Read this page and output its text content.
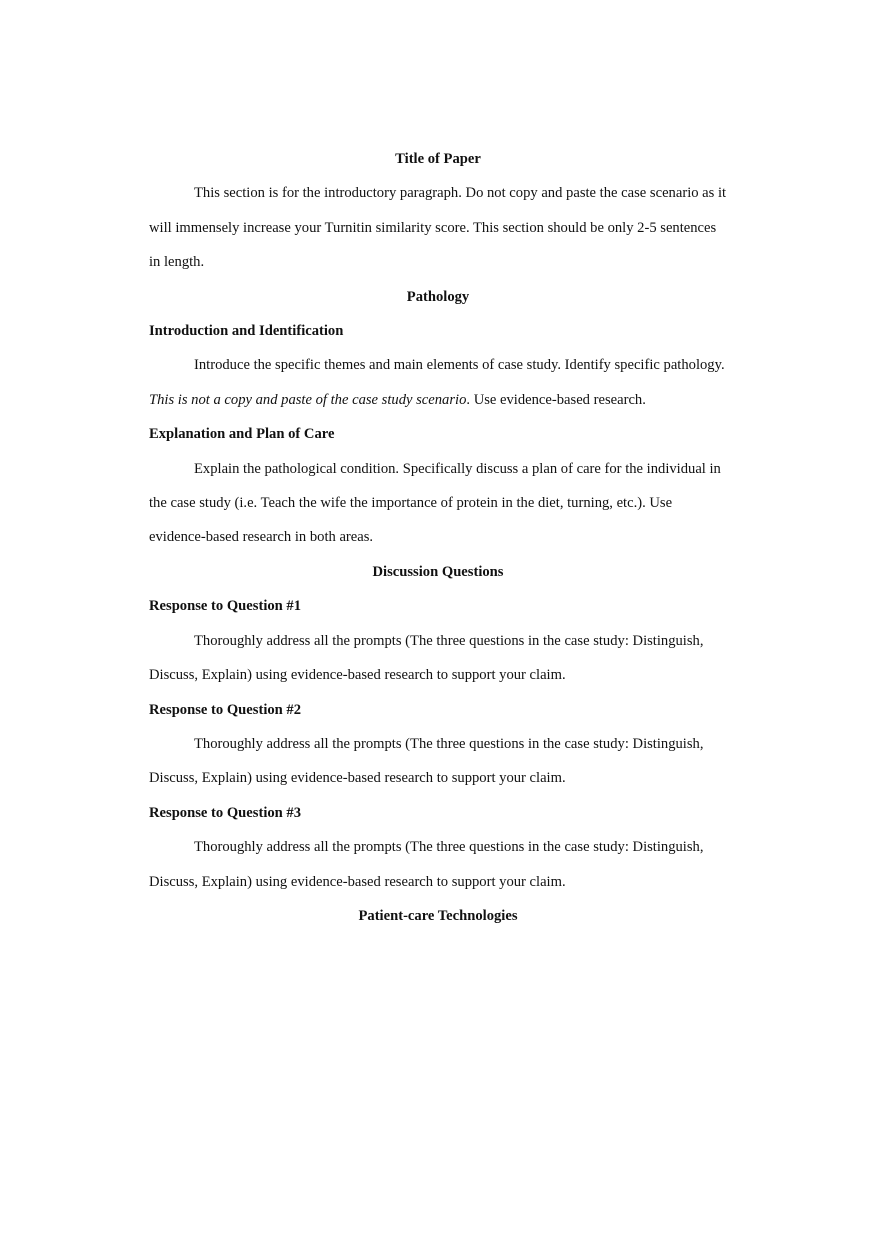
Title of Paper

This section is for the introductory paragraph. Do not copy and paste the case scenario as it will immensely increase your Turnitin similarity score. This section should be only 2-5 sentences in length.

Pathology

Introduction and Identification

Introduce the specific themes and main elements of case study. Identify specific pathology. This is not a copy and paste of the case study scenario. Use evidence-based research.

Explanation and Plan of Care

Explain the pathological condition. Specifically discuss a plan of care for the individual in the case study (i.e. Teach the wife the importance of protein in the diet, turning, etc.). Use evidence-based research in both areas.

Discussion Questions

Response to Question #1

Thoroughly address all the prompts (The three questions in the case study: Distinguish, Discuss, Explain) using evidence-based research to support your claim.

Response to Question #2

Thoroughly address all the prompts (The three questions in the case study: Distinguish, Discuss, Explain) using evidence-based research to support your claim.

Response to Question #3

Thoroughly address all the prompts (The three questions in the case study: Distinguish, Discuss, Explain) using evidence-based research to support your claim.

Patient-care Technologies
